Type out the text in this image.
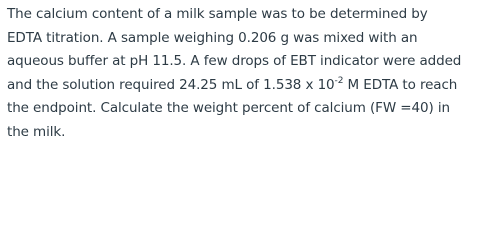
The calcium content of a milk sample was to be determined by
EDTA titration. A sample weighing 0.206 g was mixed with an
aqueous buffer at pH 11.5. A few drops of EBT indicator were added
and the solution required 24.25 mL of 1.538 x $10^{-2}$ M EDTA to reach
the endpoint. Calculate the weight percent of calcium (FW =40) in
the milk.
